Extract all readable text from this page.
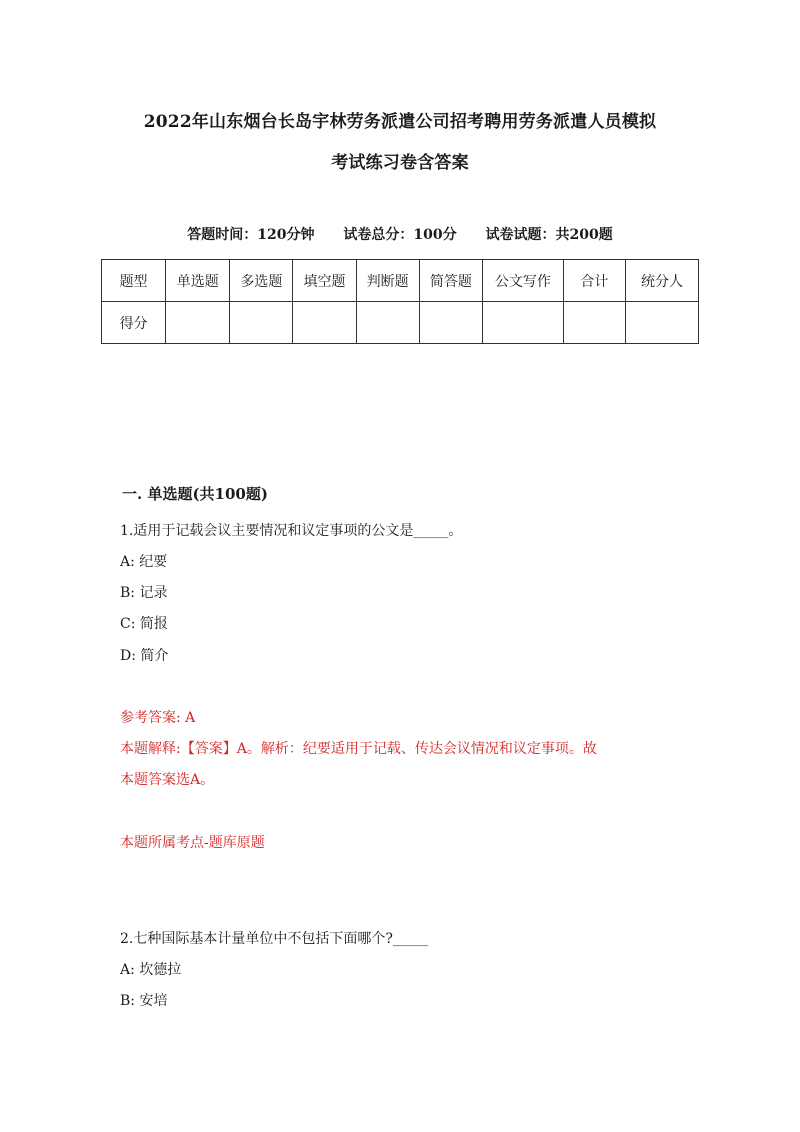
2022年山东烟台长岛宇林劳务派遣公司招考聘用劳务派遣人员模拟
考试练习卷含答案
答题时间：120分钟 试卷总分：100分 试卷试题：共200题
题型	单选题	多选题	填空题	判断题	简答题	公文写作	合计	统分人
得分								
一. 单选题(共100题)
1.适用于记载会议主要情况和议定事项的公文是_____。
A: 纪要
B: 记录
C: 简报
D: 简介
参考答案: A
本题解释:【答案】A。解析：纪要适用于记载、传达会议情况和议定事项。故
本题答案选A。
本题所属考点-题库原题
2.七种国际基本计量单位中不包括下面哪个?_____
A: 坎德拉
B: 安培
